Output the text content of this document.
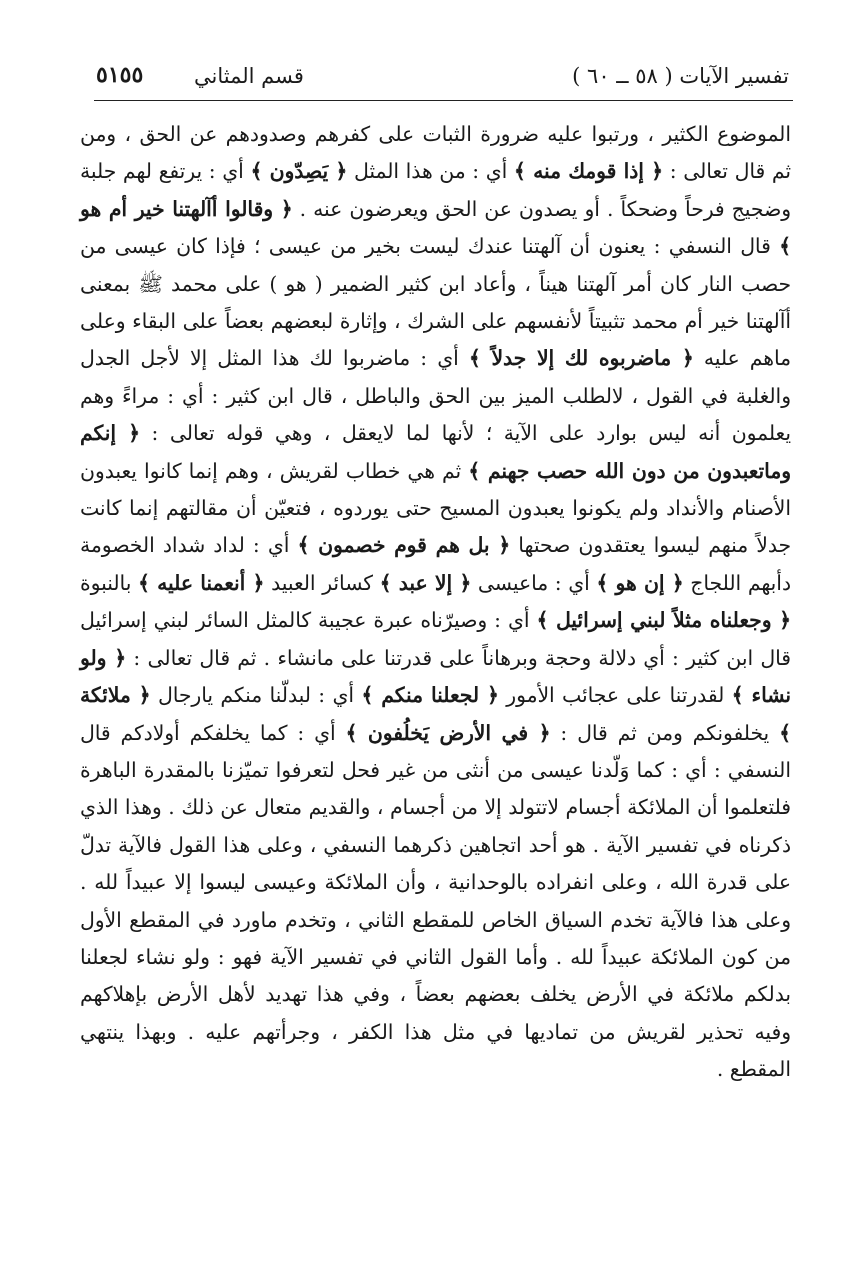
تفسير الآيات ( ٥٨ ــ ٦٠ )
قسم المثاني
٥١٥٥

الموضوع الكثير ، ورتبوا عليه ضرورة الثبات على كفرهم وصدودهم عن الحق ، ومن ثم قال تعالى : ﴿ إذا قومك منه ﴾ أي : من هذا المثل ﴿ يَصِدّون ﴾ أي : يرتفع لهم جلبة وضجيج فرحاً وضحكاً . أو يصدون عن الحق ويعرضون عنه . ﴿ وقالوا أآلهتنا خير أم هو ﴾ قال النسفي : يعنون أن آلهتنا عندك ليست بخير من عيسى ؛ فإذا كان عيسى من حصب النار كان أمر آلهتنا هيناً ، وأعاد ابن كثير الضمير ( هو ) على محمد ﷺ بمعنى أآلهتنا خير أم محمد تثبيتاً لأنفسهم على الشرك ، وإثارة لبعضهم بعضاً على البقاء وعلى ماهم عليه ﴿ ماضربوه لك إلا جدلاً ﴾ أي : ماضربوا لك هذا المثل إلا لأجل الجدل والغلبة في القول ، لالطلب الميز بين الحق والباطل ، قال ابن كثير : أي : مراءً وهم يعلمون أنه ليس بوارد على الآية ؛ لأنها لما لايعقل ، وهي قوله تعالى : ﴿ إنكم وماتعبدون من دون الله حصب جهنم ﴾ ثم هي خطاب لقريش ، وهم إنما كانوا يعبدون الأصنام والأنداد ولم يكونوا يعبدون المسيح حتى يوردوه ، فتعيّن أن مقالتهم إنما كانت جدلاً منهم ليسوا يعتقدون صحتها ﴿ بل هم قوم خصمون ﴾ أي : لداد شداد الخصومة دأبهم اللجاج ﴿ إن هو ﴾ أي : ماعيسى ﴿ إلا عبد ﴾ كسائر العبيد ﴿ أنعمنا عليه ﴾ بالنبوة ﴿ وجعلناه مثلاً لبني إسرائيل ﴾ أي : وصيرّناه عبرة عجيبة كالمثل السائر لبني إسرائيل قال ابن كثير : أي دلالة وحجة وبرهاناً على قدرتنا على مانشاء . ثم قال تعالى : ﴿ ولو نشاء ﴾ لقدرتنا على عجائب الأمور ﴿ لجعلنا منكم ﴾ أي : لبدلّنا منكم يارجال ﴿ ملائكة ﴾ يخلفونكم ومن ثم قال : ﴿ في الأرض يَخلُفون ﴾ أي : كما يخلفكم أولادكم قال النسفي : أي : كما وَلّدنا عيسى من أنثى من غير فحل لتعرفوا تميّزنا بالمقدرة الباهرة فلتعلموا أن الملائكة أجسام لاتتولد إلا من أجسام ، والقديم متعال عن ذلك . وهذا الذي ذكرناه في تفسير الآية . هو أحد اتجاهين ذكرهما النسفي ، وعلى هذا القول فالآية تدلّ على قدرة الله ، وعلى انفراده بالوحدانية ، وأن الملائكة وعيسى ليسوا إلا عبيداً لله . وعلى هذا فالآية تخدم السياق الخاص للمقطع الثاني ، وتخدم ماورد في المقطع الأول من كون الملائكة عبيداً لله . وأما القول الثاني في تفسير الآية فهو : ولو نشاء لجعلنا بدلكم ملائكة في الأرض يخلف بعضهم بعضاً ، وفي هذا تهديد لأهل الأرض بإهلاكهم وفيه تحذير لقريش من تماديها في مثل هذا الكفر ، وجرأتهم عليه . وبهذا ينتهي المقطع .
